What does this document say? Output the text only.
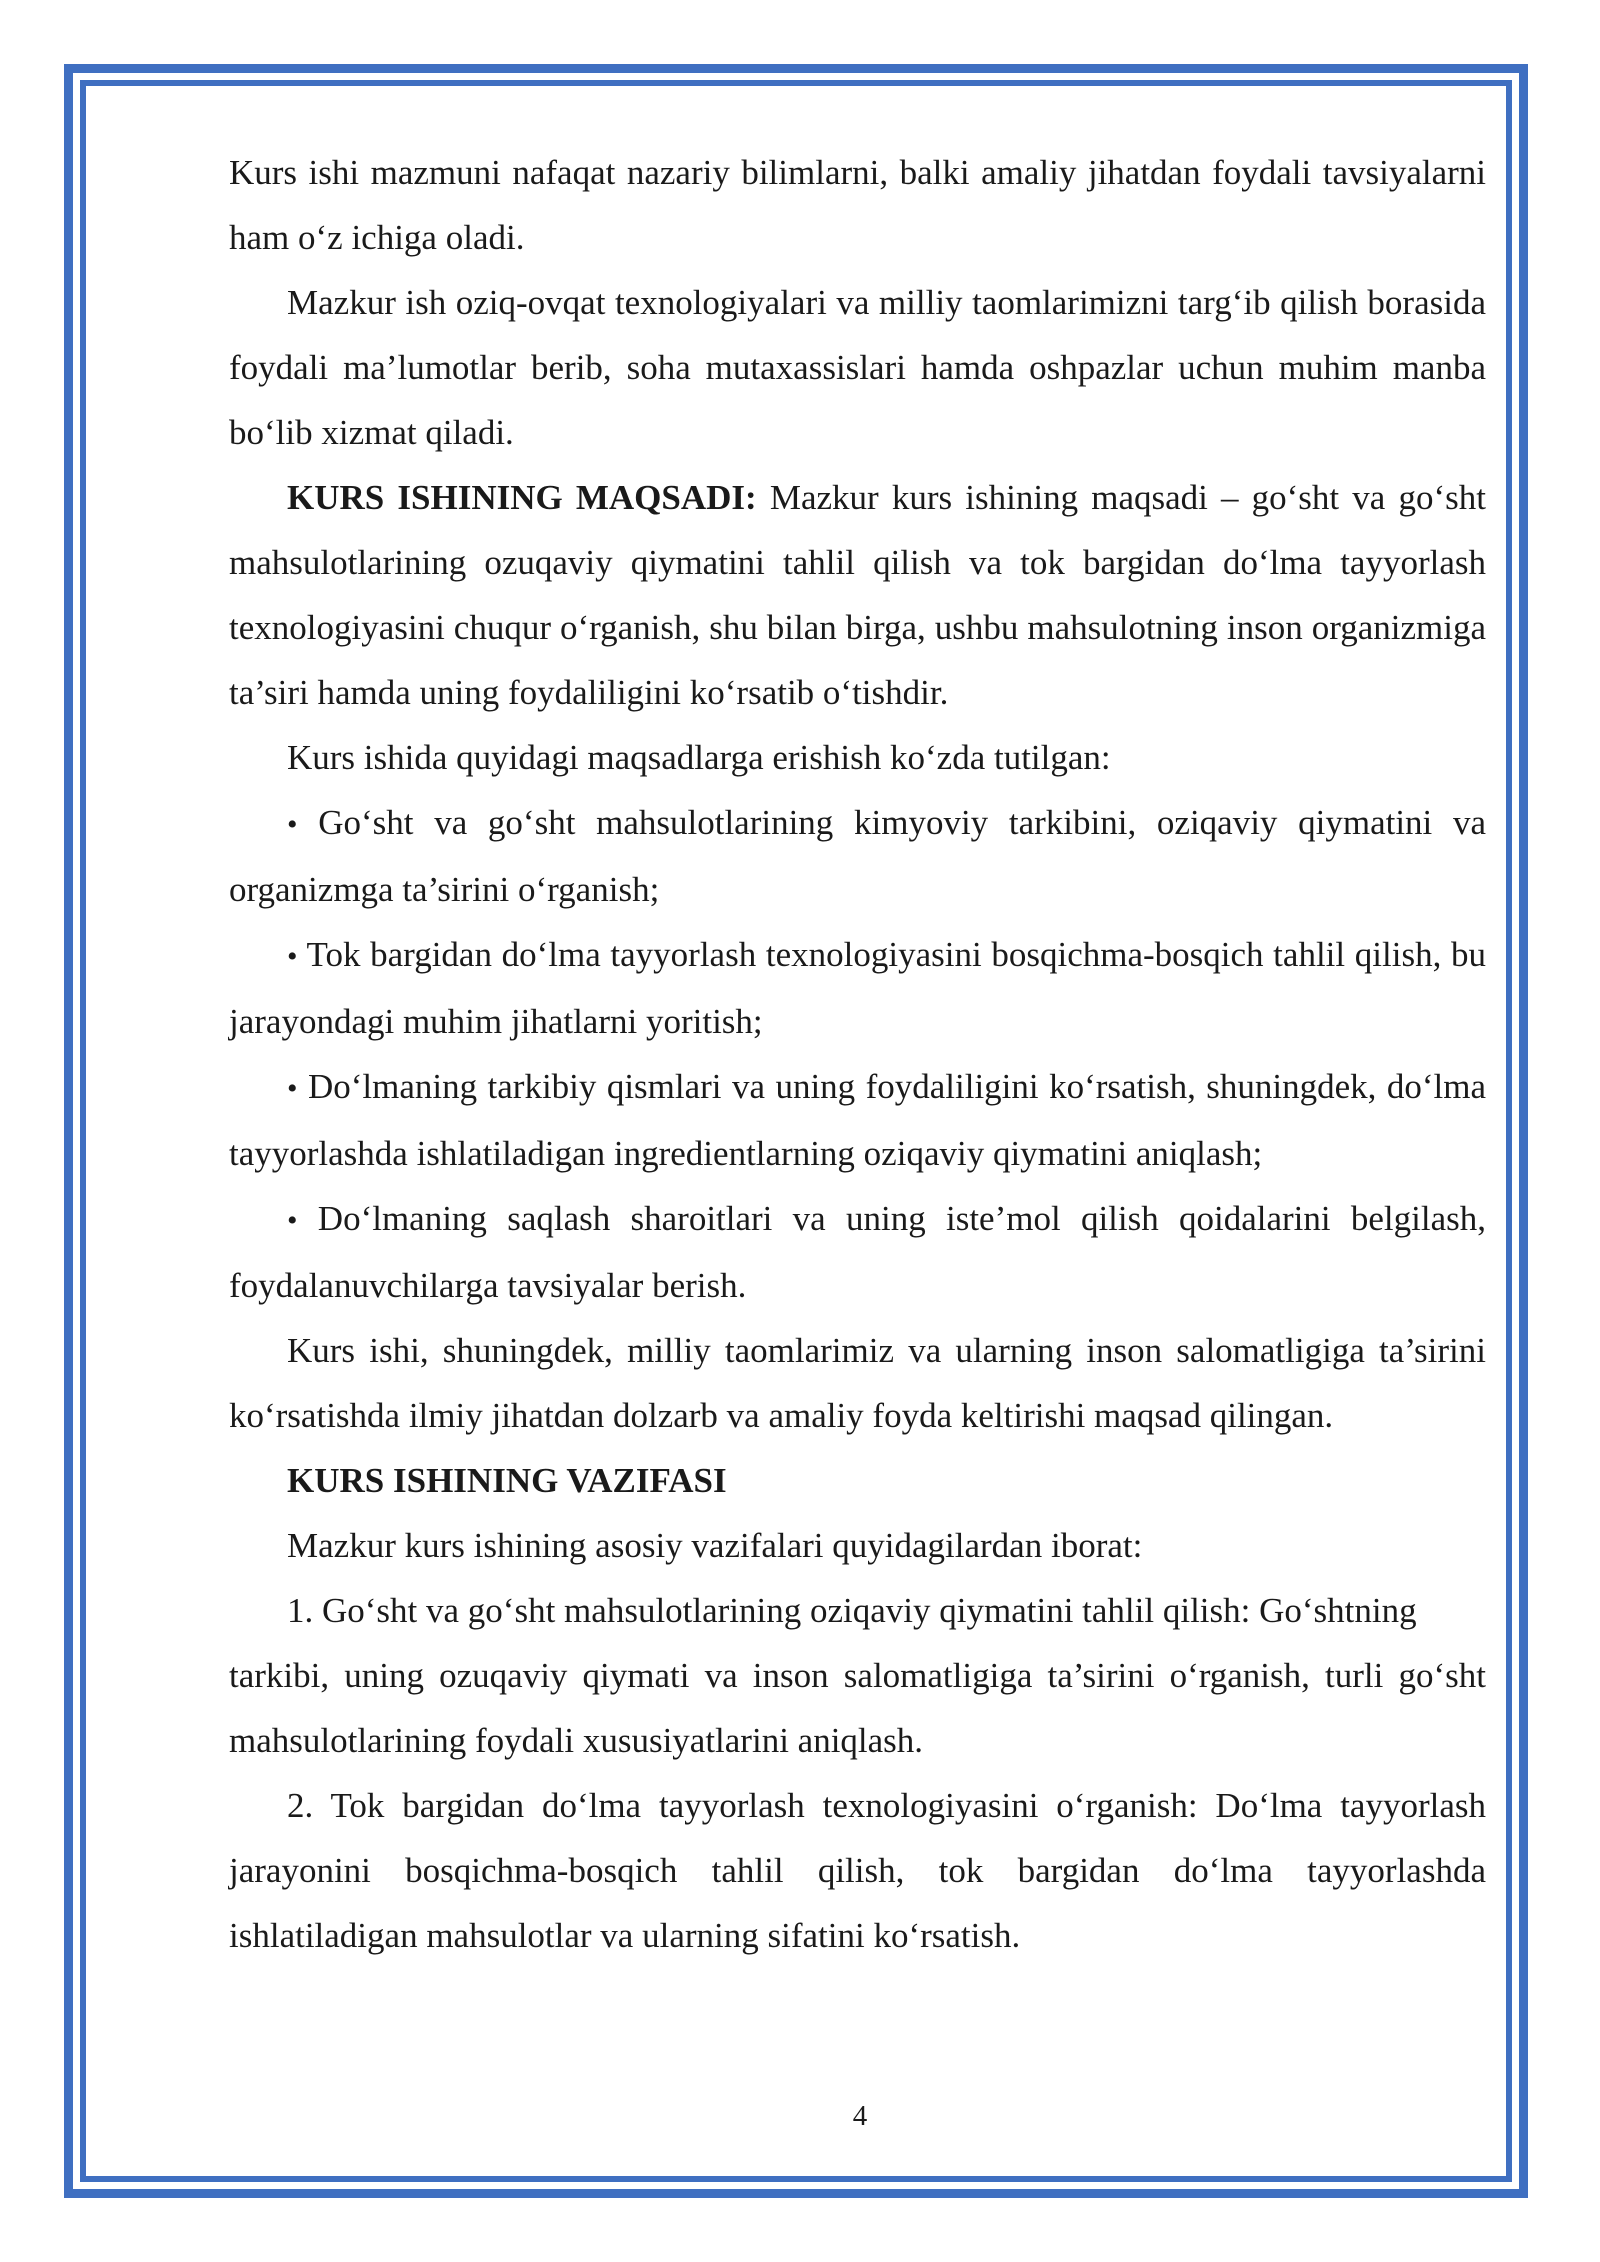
Kurs ishi mazmuni nafaqat nazariy bilimlarni, balki amaliy jihatdan foydali tavsiyalarni ham o‘z ichiga oladi.

Mazkur ish oziq-ovqat texnologiyalari va milliy taomlarimizni targ‘ib qilish borasida foydali ma’lumotlar berib, soha mutaxassislari hamda oshpazlar uchun muhim manba bo‘lib xizmat qiladi.

KURS ISHINING MAQSADI: Mazkur kurs ishining maqsadi – go‘sht va go‘sht mahsulotlarining ozuqaviy qiymatini tahlil qilish va tok bargidan do‘lma tayyorlash texnologiyasini chuqur o‘rganish, shu bilan birga, ushbu mahsulotning inson organizmiga ta’siri hamda uning foydaliligini ko‘rsatib o‘tishdir.

Kurs ishida quyidagi maqsadlarga erishish ko‘zda tutilgan:

• Go‘sht va go‘sht mahsulotlarining kimyoviy tarkibini, oziqaviy qiymatini va organizmga ta’sirini o‘rganish;

• Tok bargidan do‘lma tayyorlash texnologiyasini bosqichma-bosqich tahlil qilish, bu jarayondagi muhim jihatlarni yoritish;

• Do‘lmaning tarkibiy qismlari va uning foydaliligini ko‘rsatish, shuningdek, do‘lma tayyorlashda ishlatiladigan ingredientlarning oziqaviy qiymatini aniqlash;

• Do‘lmaning saqlash sharoitlari va uning iste’mol qilish qoidalarini belgilash, foydalanuvchilarga tavsiyalar berish.

Kurs ishi, shuningdek, milliy taomlarimiz va ularning inson salomatligiga ta’sirini ko‘rsatishda ilmiy jihatdan dolzarb va amaliy foyda keltirishi maqsad qilingan.

KURS ISHINING VAZIFASI

Mazkur kurs ishining asosiy vazifalari quyidagilardan iborat:

1. Go‘sht va go‘sht mahsulotlarining oziqaviy qiymatini tahlil qilish: Go‘shtning

tarkibi, uning ozuqaviy qiymati va inson salomatligiga ta’sirini o‘rganish, turli go‘sht mahsulotlarining foydali xususiyatlarini aniqlash.

2. Tok bargidan do‘lma tayyorlash texnologiyasini o‘rganish: Do‘lma tayyorlash jarayonini bosqichma-bosqich tahlil qilish, tok bargidan do‘lma tayyorlashda ishlatiladigan mahsulotlar va ularning sifatini ko‘rsatish.

4
